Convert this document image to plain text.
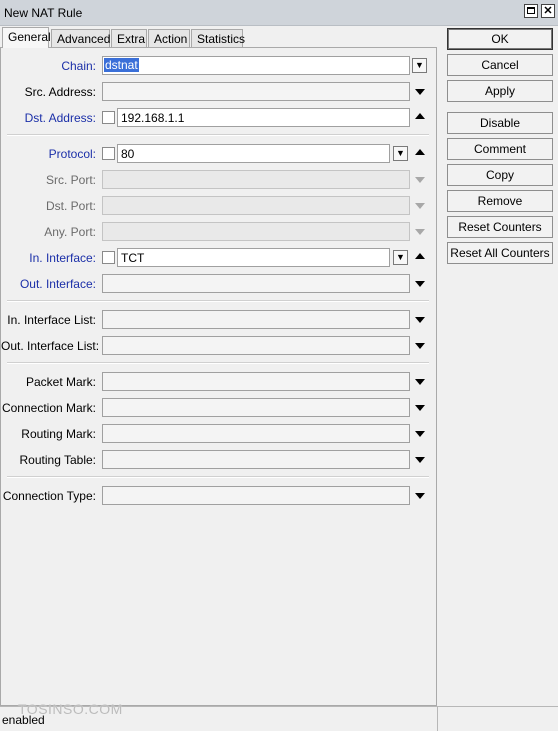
New NAT Rule	✕
General Advanced Extra Action Statistics
Chain: dstnat	▼
Src. Address:
Dst. Address: 192.168.1.1
Protocol: 80	▼
Src. Port:
Dst. Port:
Any. Port:
In. Interface: TCT	▼
Out. Interface:
In. Interface List:
Out. Interface List:
Packet Mark:
Connection Mark:
Routing Mark:
Routing Table:
Connection Type:
OK
Cancel
Apply
Disable
Comment
Copy
Remove
Reset Counters
Reset All Counters
enabled
TOSINSO.COM
